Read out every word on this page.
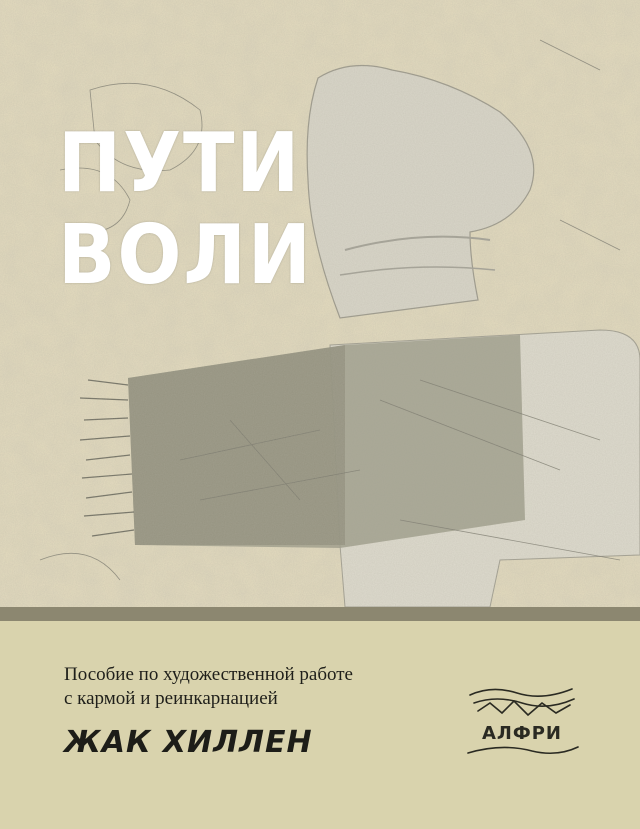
ПУТИ
ВОЛИ
Пособие по художественной работе
с кармой и реинкарнацией
ЖАК ХИЛЛЕН	АЛФРИ
